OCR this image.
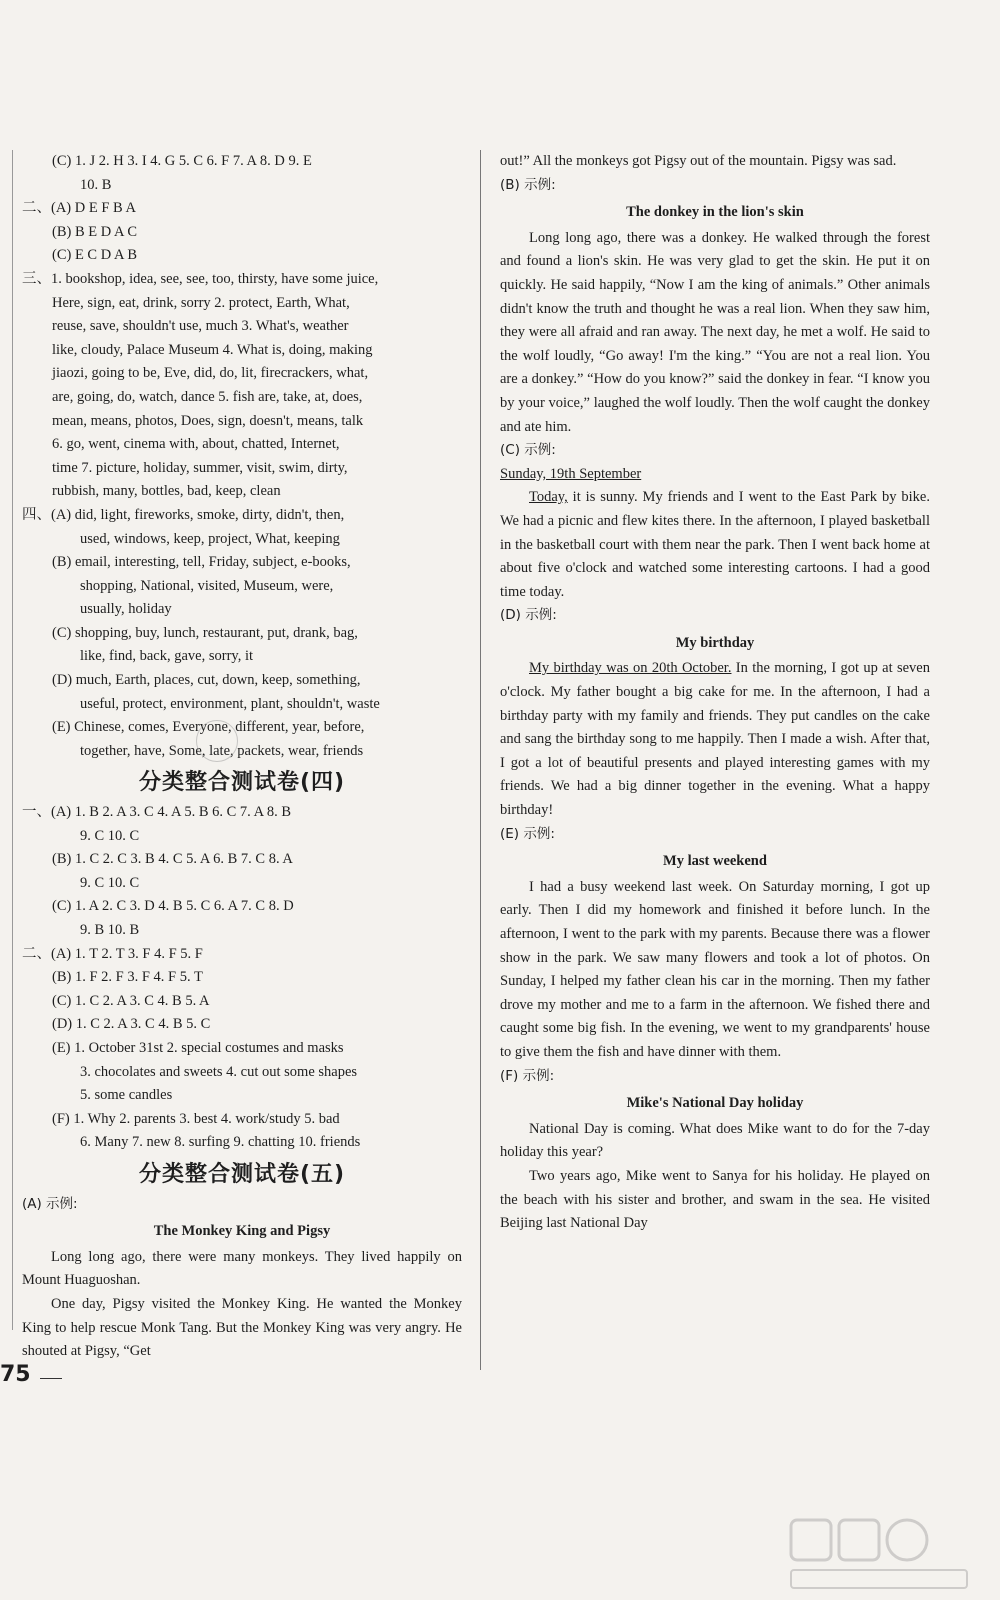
(C) 1. J 2. H 3. I 4. G 5. C 6. F 7. A 8. D 9. E

10. B

二、(A) D E F B A

(B) B E D A C

(C) E C D A B

三、1. bookshop, idea, see, see, too, thirsty, have some juice,

Here, sign, eat, drink, sorry 2. protect, Earth, What,

reuse, save, shouldn't use, much 3. What's, weather

like, cloudy, Palace Museum 4. What is, doing, making

jiaozi, going to be, Eve, did, do, lit, firecrackers, what,

are, going, do, watch, dance 5. fish are, take, at, does,

mean, means, photos, Does, sign, doesn't, means, talk

6. go, went, cinema with, about, chatted, Internet,

time 7. picture, holiday, summer, visit, swim, dirty,

rubbish, many, bottles, bad, keep, clean

四、(A) did, light, fireworks, smoke, dirty, didn't, then,

used, windows, keep, project, What, keeping

(B) email, interesting, tell, Friday, subject, e-books,

shopping, National, visited, Museum, were,

usually, holiday

(C) shopping, buy, lunch, restaurant, put, drank, bag,

like, find, back, gave, sorry, it

(D) much, Earth, places, cut, down, keep, something,

useful, protect, environment, plant, shouldn't, waste

(E) Chinese, comes, Everyone, different, year, before,

together, have, Some, late, packets, wear, friends

分类整合测试卷(四)

一、(A) 1. B 2. A 3. C 4. A 5. B 6. C 7. A 8. B

9. C 10. C

(B) 1. C 2. C 3. B 4. C 5. A 6. B 7. C 8. A

9. C 10. C

(C) 1. A 2. C 3. D 4. B 5. C 6. A 7. C 8. D

9. B 10. B

二、(A) 1. T 2. T 3. F 4. F 5. F

(B) 1. F 2. F 3. F 4. F 5. T

(C) 1. C 2. A 3. C 4. B 5. A

(D) 1. C 2. A 3. C 4. B 5. C

(E) 1. October 31st 2. special costumes and masks

3. chocolates and sweets 4. cut out some shapes

5. some candles

(F) 1. Why 2. parents 3. best 4. work/study 5. bad

6. Many 7. new 8. surfing 9. chatting 10. friends

分类整合测试卷(五)

(A) 示例:

The Monkey King and Pigsy

Long long ago, there were many monkeys. They lived happily on Mount Huaguoshan.

One day, Pigsy visited the Monkey King. He wanted the Monkey King to help rescue Monk Tang. But the Monkey King was very angry. He shouted at Pigsy, “Get

out!” All the monkeys got Pigsy out of the mountain. Pigsy was sad.

(B) 示例:

The donkey in the lion's skin

Long long ago, there was a donkey. He walked through the forest and found a lion's skin. He was very glad to get the skin. He put it on quickly. He said happily, “Now I am the king of animals.” Other animals didn't know the truth and thought he was a real lion. When they saw him, they were all afraid and ran away. The next day, he met a wolf. He said to the wolf loudly, “Go away! I'm the king.” “You are not a real lion. You are a donkey.” “How do you know?” said the donkey in fear. “I know you by your voice,” laughed the wolf loudly. Then the wolf caught the donkey and ate him.

(C) 示例:

Sunday, 19th September

Today, it is sunny. My friends and I went to the East Park by bike. We had a picnic and flew kites there. In the afternoon, I played basketball in the basketball court with them near the park. Then I went back home at about five o'clock and watched some interesting cartoons. I had a good time today.

(D) 示例:

My birthday

My birthday was on 20th October. In the morning, I got up at seven o'clock. My father bought a big cake for me. In the afternoon, I had a birthday party with my family and friends. They put candles on the cake and sang the birthday song to me happily. Then I made a wish. After that, I got a lot of beautiful presents and played interesting games with my friends. We had a big dinner together in the evening. What a happy birthday!

(E) 示例:

My last weekend

I had a busy weekend last week. On Saturday morning, I got up early. Then I did my homework and finished it before lunch. In the afternoon, I went to the park with my parents. Because there was a flower show in the park. We saw many flowers and took a lot of photos. On Sunday, I helped my father clean his car in the morning. Then my father drove my mother and me to a farm in the afternoon. We fished there and caught some big fish. In the evening, we went to my grandparents' house to give them the fish and have dinner with them.

(F) 示例:

Mike's National Day holiday

National Day is coming. What does Mike want to do for the 7-day holiday this year?

Two years ago, Mike went to Sanya for his holiday. He played on the beach with his sister and brother, and swam in the sea. He visited Beijing last National Day

75
